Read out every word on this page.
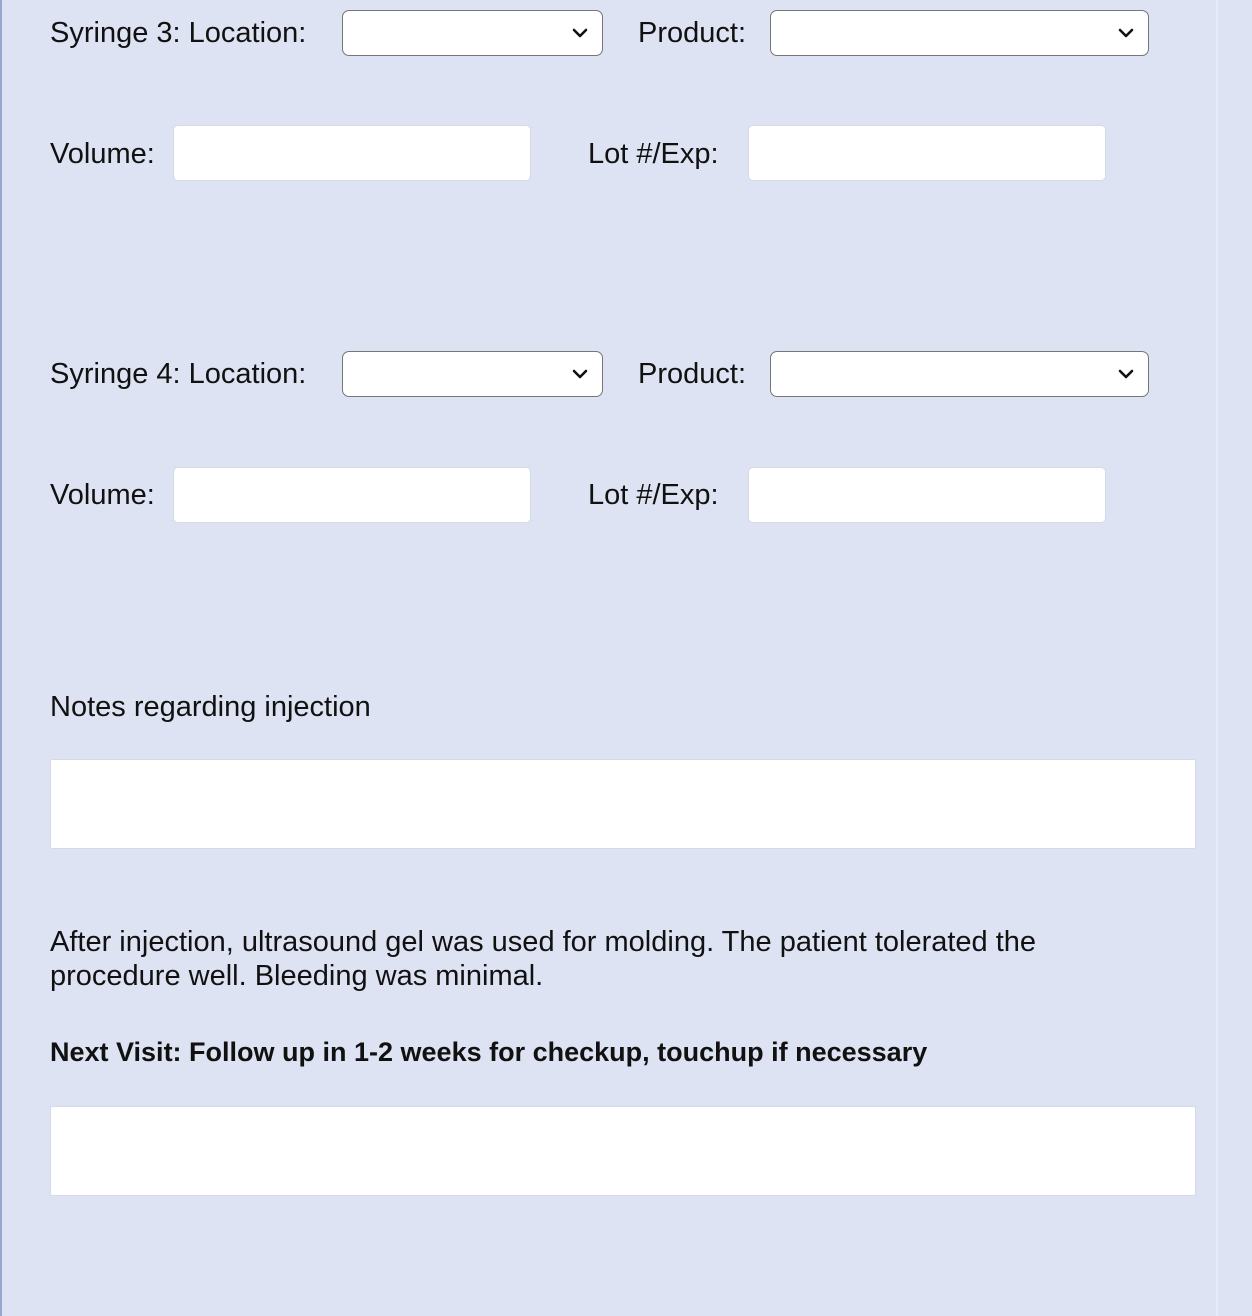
Syringe 3: Location:	Product:
Volume:	Lot #/Exp:
Syringe 4: Location:	Product:
Volume:	Lot #/Exp:
Notes regarding injection
After injection, ultrasound gel was used for molding. The patient tolerated the procedure well. Bleeding was minimal.
Next Visit: Follow up in 1-2 weeks for checkup, touchup if necessary
